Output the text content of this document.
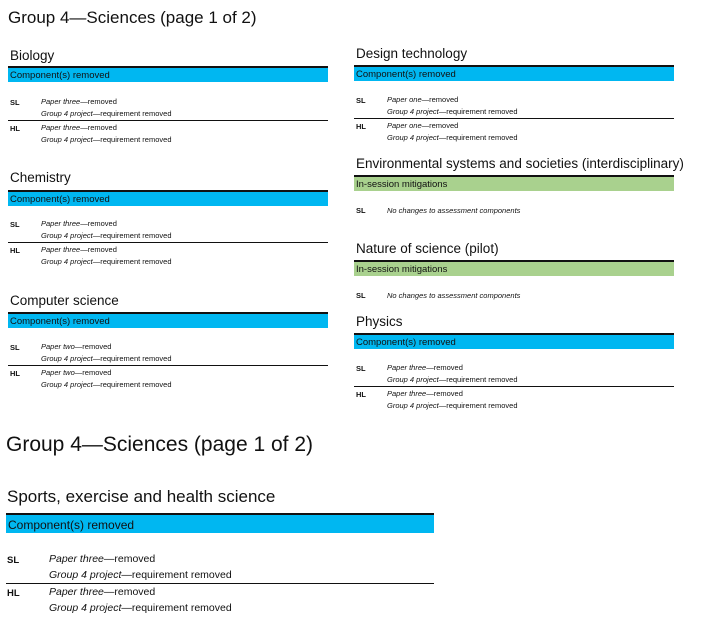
Group 4—Sciences (page 1 of 2)
Biology
Component(s) removed
SL	Paper three—removed
Group 4 project—requirement removed
HL	Paper three—removed
Group 4 project—requirement removed
Chemistry
Component(s) removed
SL	Paper three—removed
Group 4 project—requirement removed
HL	Paper three—removed
Group 4 project—requirement removed
Computer science
Component(s) removed
SL	Paper two—removed
Group 4 project—requirement removed
HL	Paper two—removed
Group 4 project—requirement removed
Design technology
Component(s) removed
SL	Paper one—removed
Group 4 project—requirement removed
HL	Paper one—removed
Group 4 project—requirement removed
Environmental systems and societies (interdisciplinary)
In-session mitigations
SL	No changes to assessment components
Nature of science (pilot)
In-session mitigations
SL	No changes to assessment components
Physics
Component(s) removed
SL	Paper three—removed
Group 4 project—requirement removed
HL	Paper three—removed
Group 4 project—requirement removed
Group 4—Sciences (page 1 of 2)
Sports, exercise and health science
Component(s) removed
SL	Paper three—removed
Group 4 project—requirement removed
HL	Paper three—removed
Group 4 project—requirement removed
